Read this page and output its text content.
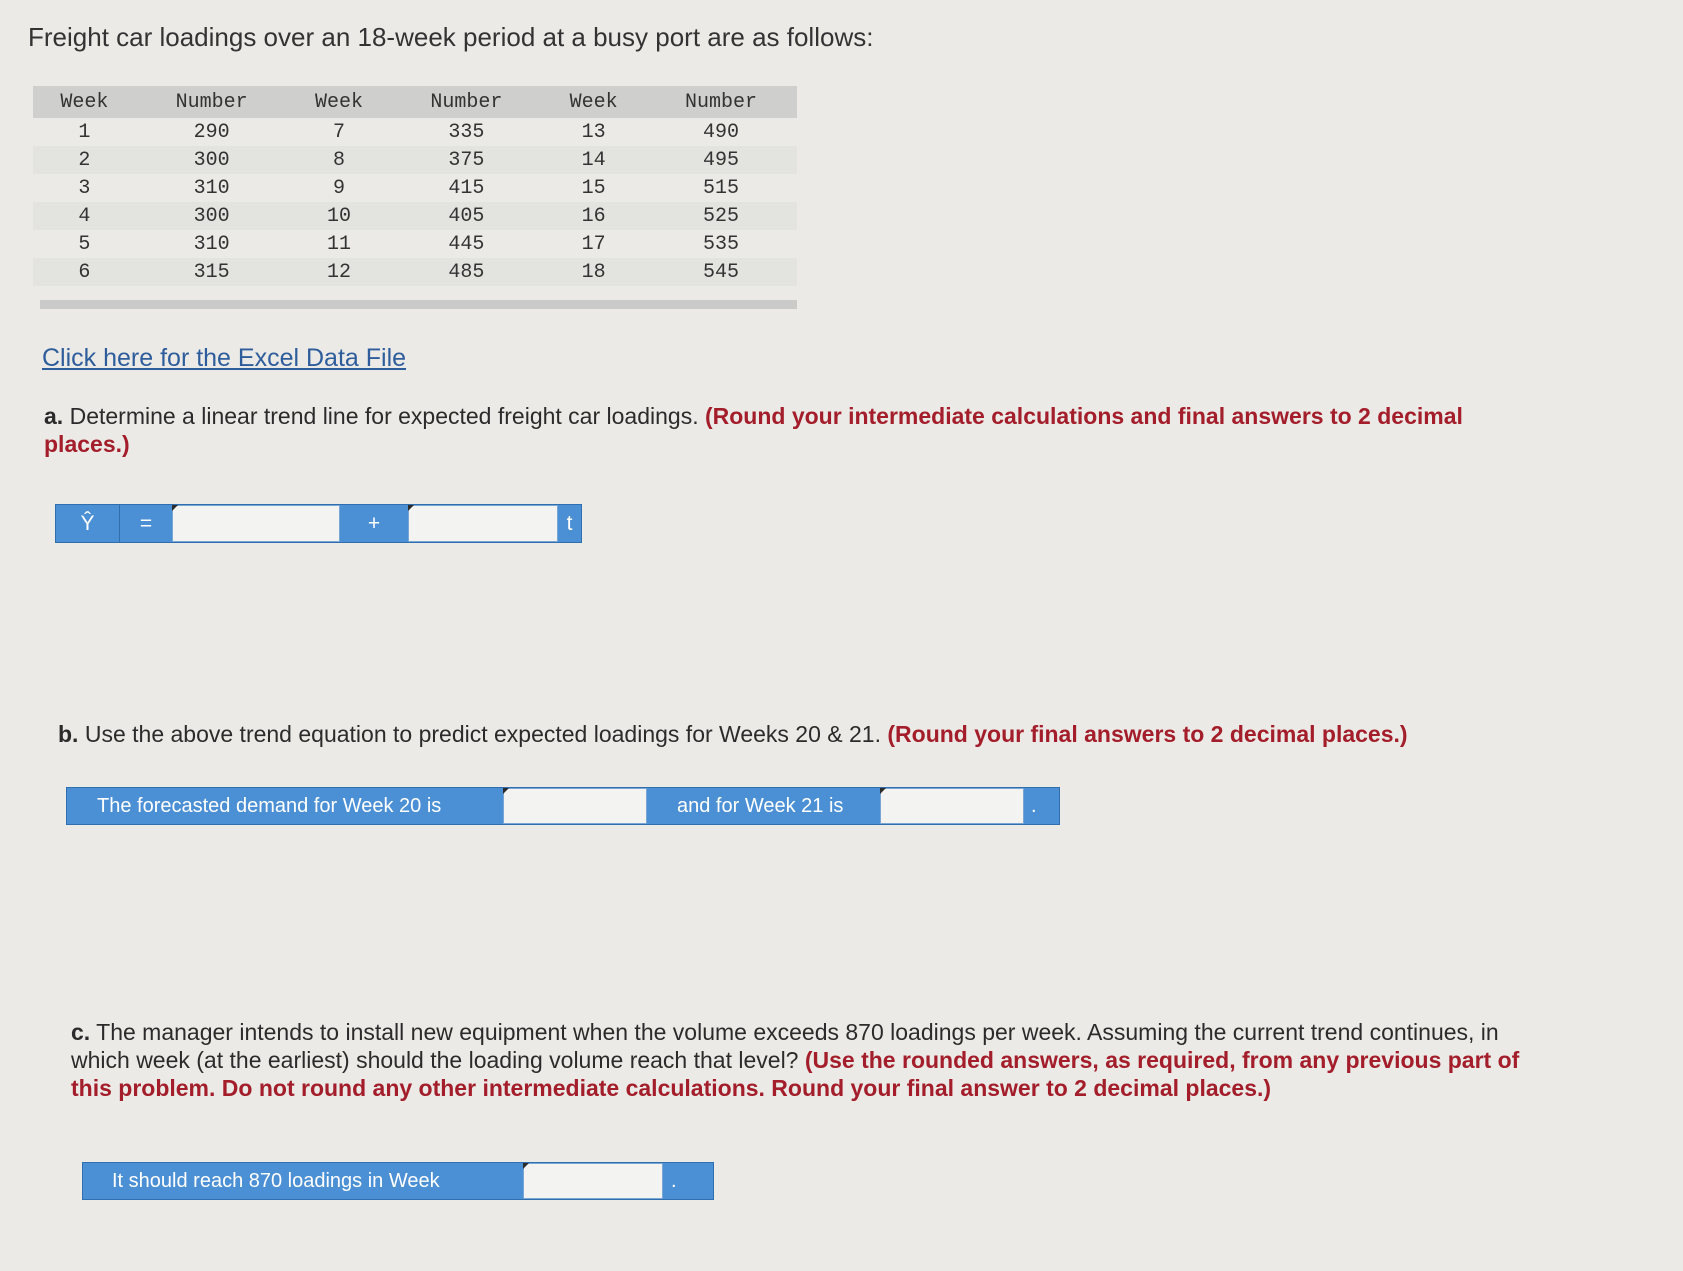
Freight car loadings over an 18-week period at a busy port are as follows:
Week	Number	Week	Number	Week	Number
1	290	7	335	13	490
2	300	8	375	14	495
3	310	9	415	15	515
4	300	10	405	16	525
5	310	11	445	17	535
6	315	12	485	18	545
Click here for the Excel Data File
a. Determine a linear trend line for expected freight car loadings. (Round your intermediate calculations and final answers to 2 decimal places.)
Ŷ	=	+	t
b. Use the above trend equation to predict expected loadings for Weeks 20 & 21. (Round your final answers to 2 decimal places.)
The forecasted demand for Week 20 is	and for Week 21 is	.
c. The manager intends to install new equipment when the volume exceeds 870 loadings per week. Assuming the current trend continues, in which week (at the earliest) should the loading volume reach that level? (Use the rounded answers, as required, from any previous part of this problem. Do not round any other intermediate calculations. Round your final answer to 2 decimal places.)
It should reach 870 loadings in Week	.
